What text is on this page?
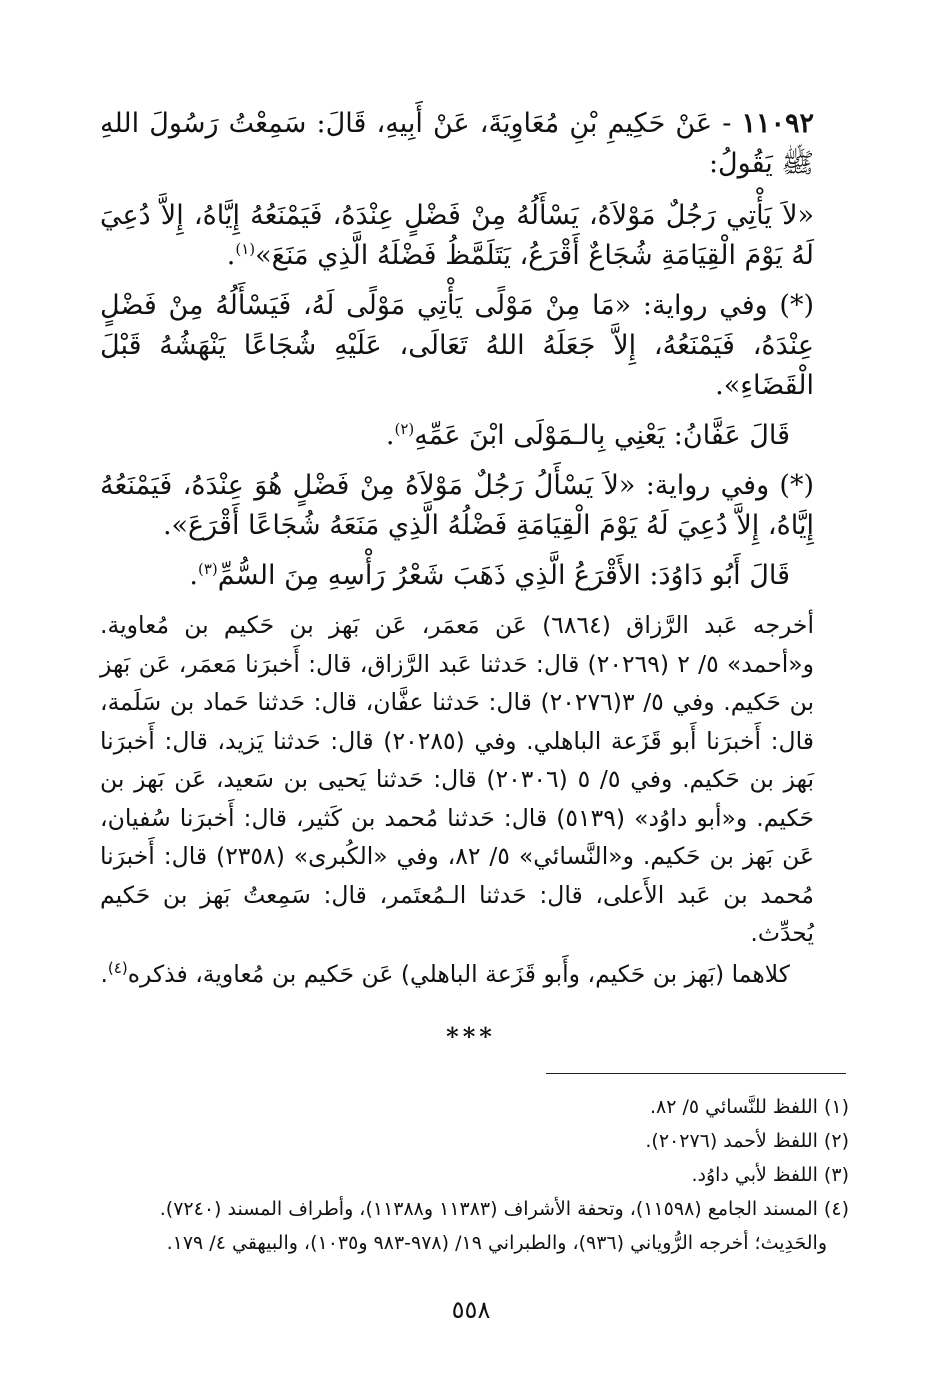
١١٠٩٢ - عَنْ حَكِيمِ بْنِ مُعَاوِيَةَ، عَنْ أَبِيهِ، قَالَ: سَمِعْتُ رَسُولَ اللهِ ﷺ يَقُولُ:

«لاَ يَأْتِي رَجُلٌ مَوْلاَهُ، يَسْأَلُهُ مِنْ فَضْلٍ عِنْدَهُ، فَيَمْنَعُهُ إِيَّاهُ، إِلاَّ دُعِيَ لَهُ يَوْمَ الْقِيَامَةِ شُجَاعٌ أَقْرَعُ، يَتَلَمَّظُ فَضْلَهُ الَّذِي مَنَعَ»$^{(١)}$.

(*) وفي رواية: «مَا مِنْ مَوْلًى يَأْتِي مَوْلًى لَهُ، فَيَسْأَلُهُ مِنْ فَضْلٍ عِنْدَهُ، فَيَمْنَعُهُ، إِلاَّ جَعَلَهُ اللهُ تَعَالَى، عَلَيْهِ شُجَاعًا يَنْهَشُهُ قَبْلَ الْقَضَاءِ».

قَالَ عَفَّانُ: يَعْنِي بِالـمَوْلَى ابْنَ عَمِّهِ$^{(٢)}$.

(*) وفي رواية: «لاَ يَسْأَلُ رَجُلٌ مَوْلاَهُ مِنْ فَضْلٍ هُوَ عِنْدَهُ، فَيَمْنَعُهُ إِيَّاهُ، إِلاَّ دُعِيَ لَهُ يَوْمَ الْقِيَامَةِ فَضْلُهُ الَّذِي مَنَعَهُ شُجَاعًا أَقْرَعَ».

قَالَ أَبُو دَاوُدَ: الأَقْرَعُ الَّذِي ذَهَبَ شَعْرُ رَأْسِهِ مِنَ السُّمِّ$^{(٣)}$.

أخرجه عَبد الرَّزاق (٦٨٦٤) عَن مَعمَر، عَن بَهز بن حَكيم بن مُعاوية. و«أحمد» ٥/ ٢ (٢٠٢٦٩) قال: حَدثنا عَبد الرَّزاق، قال: أَخبرَنا مَعمَر، عَن بَهز بن حَكيم. وفي ٥/ ٣(٢٠٢٧٦) قال: حَدثنا عفَّان، قال: حَدثنا حَماد بن سَلَمة، قال: أَخبرَنا أَبو قَزَعة الباهلي. وفي (٢٠٢٨٥) قال: حَدثنا يَزيد، قال: أَخبرَنا بَهز بن حَكيم. وفي ٥/ ٥ (٢٠٣٠٦) قال: حَدثنا يَحيى بن سَعيد، عَن بَهز بن حَكيم. و«أبو داوُد» (٥١٣٩) قال: حَدثنا مُحمد بن كَثير، قال: أَخبرَنا سُفيان، عَن بَهز بن حَكيم. و«النَّسائي» ٥/ ٨٢، وفي «الكُبرى» (٢٣٥٨) قال: أَخبرَنا مُحمد بن عَبد الأَعلى، قال: حَدثنا الـمُعتَمر، قال: سَمِعتُ بَهز بن حَكيم يُحدِّث.

كلاهما (بَهز بن حَكيم، وأَبو قَزَعة الباهلي) عَن حَكيم بن مُعاوية، فذكره$^{(٤)}$.

***

(١) اللفظ للنَّسائي ٥/ ٨٢.

(٢) اللفظ لأحمد (٢٠٢٧٦).

(٣) اللفظ لأبي داوُد.

(٤) المسند الجامع (١١٥٩٨)، وتحفة الأشراف (١١٣٨٣ و١١٣٨٨)، وأطراف المسند (٧٢٤٠).

والحَدِيث؛ أخرجه الرُّوياني (٩٣٦)، والطبراني ١٩/ (٩٧٨-٩٨٣ و١٠٣٥)، والبيهقي ٤/ ١٧٩.

٥٥٨
